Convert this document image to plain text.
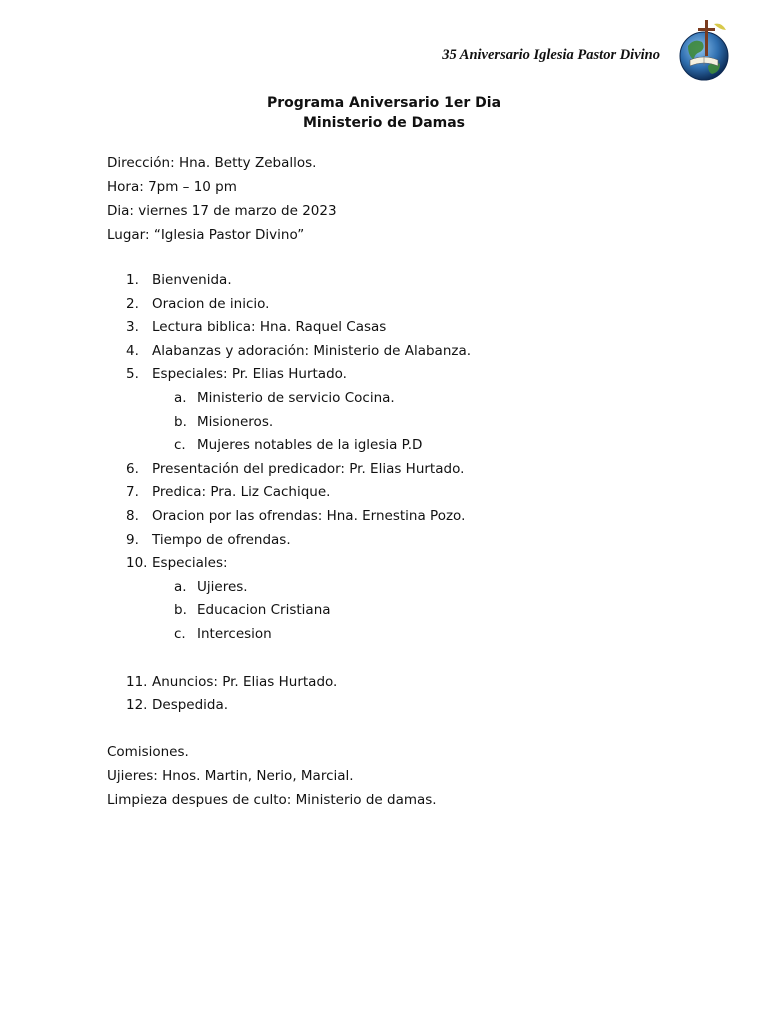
35 Aniversario Iglesia Pastor Divino
Programa Aniversario 1er Dia
Ministerio de Damas
Dirección: Hna. Betty Zeballos.
Hora: 7pm – 10 pm
Dia: viernes 17 de marzo de 2023
Lugar: “Iglesia Pastor Divino”
1. Bienvenida.
2. Oracion de inicio.
3. Lectura biblica: Hna. Raquel Casas
4. Alabanzas y adoración: Ministerio de Alabanza.
5. Especiales: Pr. Elias Hurtado.
a. Ministerio de servicio Cocina.
b. Misioneros.
c. Mujeres notables de la iglesia P.D
6. Presentación del predicador: Pr. Elias Hurtado.
7. Predica: Pra. Liz Cachique.
8. Oracion por las ofrendas: Hna. Ernestina Pozo.
9. Tiempo de ofrendas.
10. Especiales:
a. Ujieres.
b. Educacion Cristiana
c. Intercesion
11. Anuncios: Pr. Elias Hurtado.
12. Despedida.
Comisiones.
Ujieres: Hnos. Martin, Nerio, Marcial.
Limpieza despues de culto: Ministerio de damas.
